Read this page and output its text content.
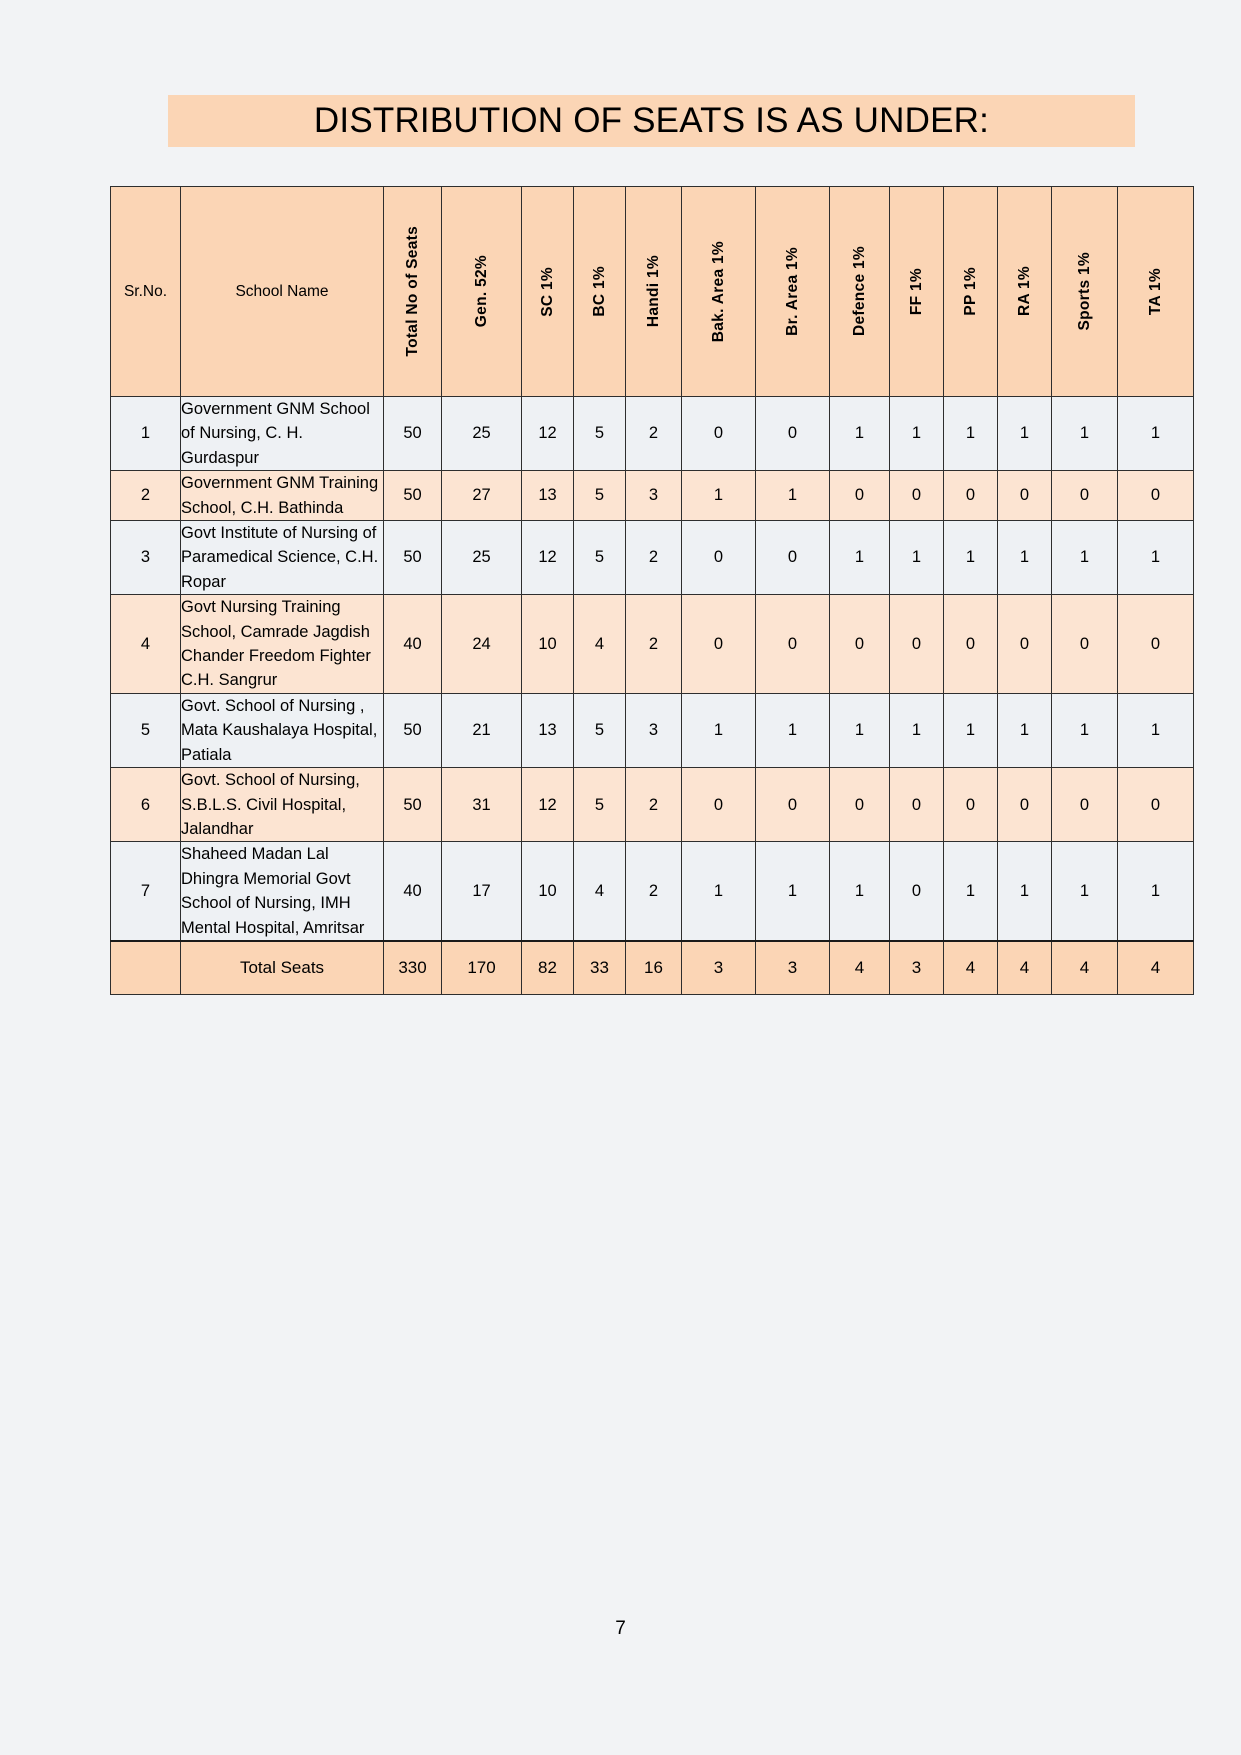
DISTRIBUTION OF SEATS IS AS UNDER:
Sr.No.	School Name	Total No of Seats	Gen. 52%	SC 1%	BC 1%	Handi 1%	Bak. Area 1%	Br. Area 1%	Defence 1%	FF 1%	PP 1%	RA 1%	Sports 1%	TA 1%

1	Government GNM School of Nursing, C. H. Gurdaspur	50	25	12	5	2	0	0	1	1	1	1	1	1
2	Government GNM Training School, C.H. Bathinda	50	27	13	5	3	1	1	0	0	0	0	0	0
3	Govt Institute of Nursing of Paramedical Science, C.H. Ropar	50	25	12	5	2	0	0	1	1	1	1	1	1
4	Govt Nursing Training School, Camrade Jagdish Chander Freedom Fighter C.H. Sangrur	40	24	10	4	2	0	0	0	0	0	0	0	0
5	Govt. School of Nursing , Mata Kaushalaya Hospital, Patiala	50	21	13	5	3	1	1	1	1	1	1	1	1
6	Govt. School of Nursing, S.B.L.S. Civil Hospital, Jalandhar	50	31	12	5	2	0	0	0	0	0	0	0	0
7	Shaheed Madan Lal Dhingra Memorial Govt School of Nursing, IMH Mental Hospital, Amritsar	40	17	10	4	2	1	1	1	0	1	1	1	1
	Total Seats	330	170	82	33	16	3	3	4	3	4	4	4	4
7
